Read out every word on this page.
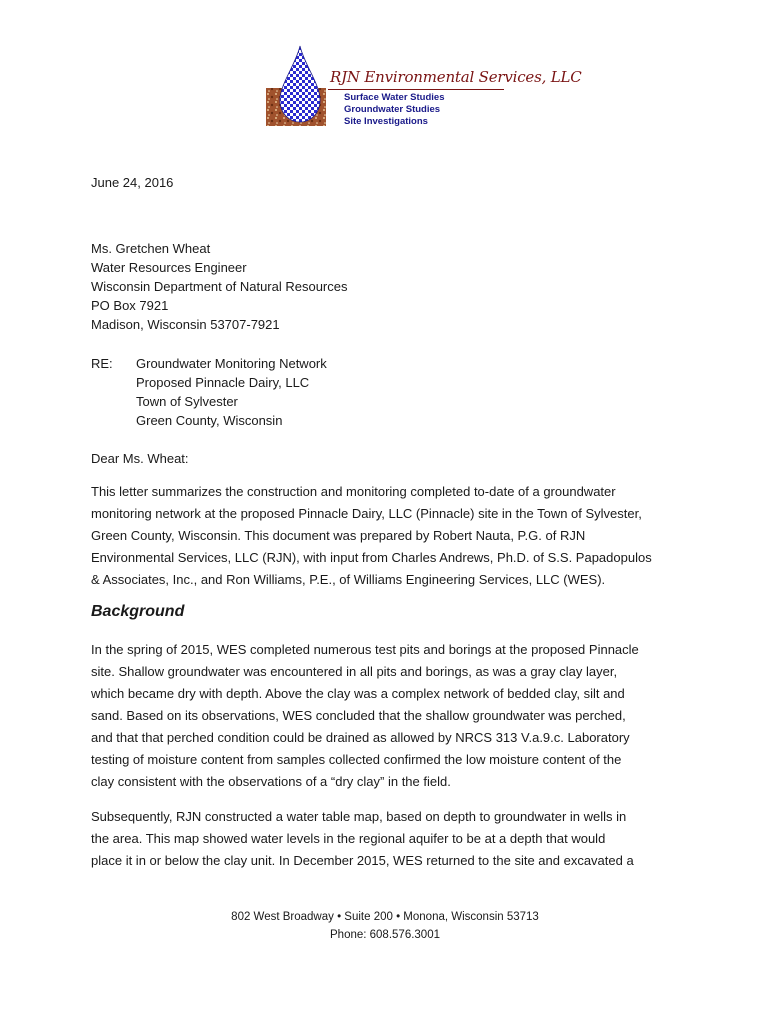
RJN Environmental Services, LLC
Surface Water Studies
Groundwater Studies
Site Investigations
June 24, 2016
Ms. Gretchen Wheat
Water Resources Engineer
Wisconsin Department of Natural Resources
PO Box 7921
Madison, Wisconsin 53707-7921
RE: Groundwater Monitoring Network
Proposed Pinnacle Dairy, LLC
Town of Sylvester
Green County, Wisconsin
Dear Ms. Wheat:
This letter summarizes the construction and monitoring completed to-date of a groundwater
monitoring network at the proposed Pinnacle Dairy, LLC (Pinnacle) site in the Town of Sylvester,
Green County, Wisconsin. This document was prepared by Robert Nauta, P.G. of RJN
Environmental Services, LLC (RJN), with input from Charles Andrews, Ph.D. of S.S. Papadopulos
& Associates, Inc., and Ron Williams, P.E., of Williams Engineering Services, LLC (WES).
Background
In the spring of 2015, WES completed numerous test pits and borings at the proposed Pinnacle
site. Shallow groundwater was encountered in all pits and borings, as was a gray clay layer,
which became dry with depth. Above the clay was a complex network of bedded clay, silt and
sand. Based on its observations, WES concluded that the shallow groundwater was perched,
and that that perched condition could be drained as allowed by NRCS 313 V.a.9.c. Laboratory
testing of moisture content from samples collected confirmed the low moisture content of the
clay consistent with the observations of a “dry clay” in the field.
Subsequently, RJN constructed a water table map, based on depth to groundwater in wells in
the area. This map showed water levels in the regional aquifer to be at a depth that would
place it in or below the clay unit. In December 2015, WES returned to the site and excavated a
802 West Broadway • Suite 200 • Monona, Wisconsin 53713
Phone: 608.576.3001
